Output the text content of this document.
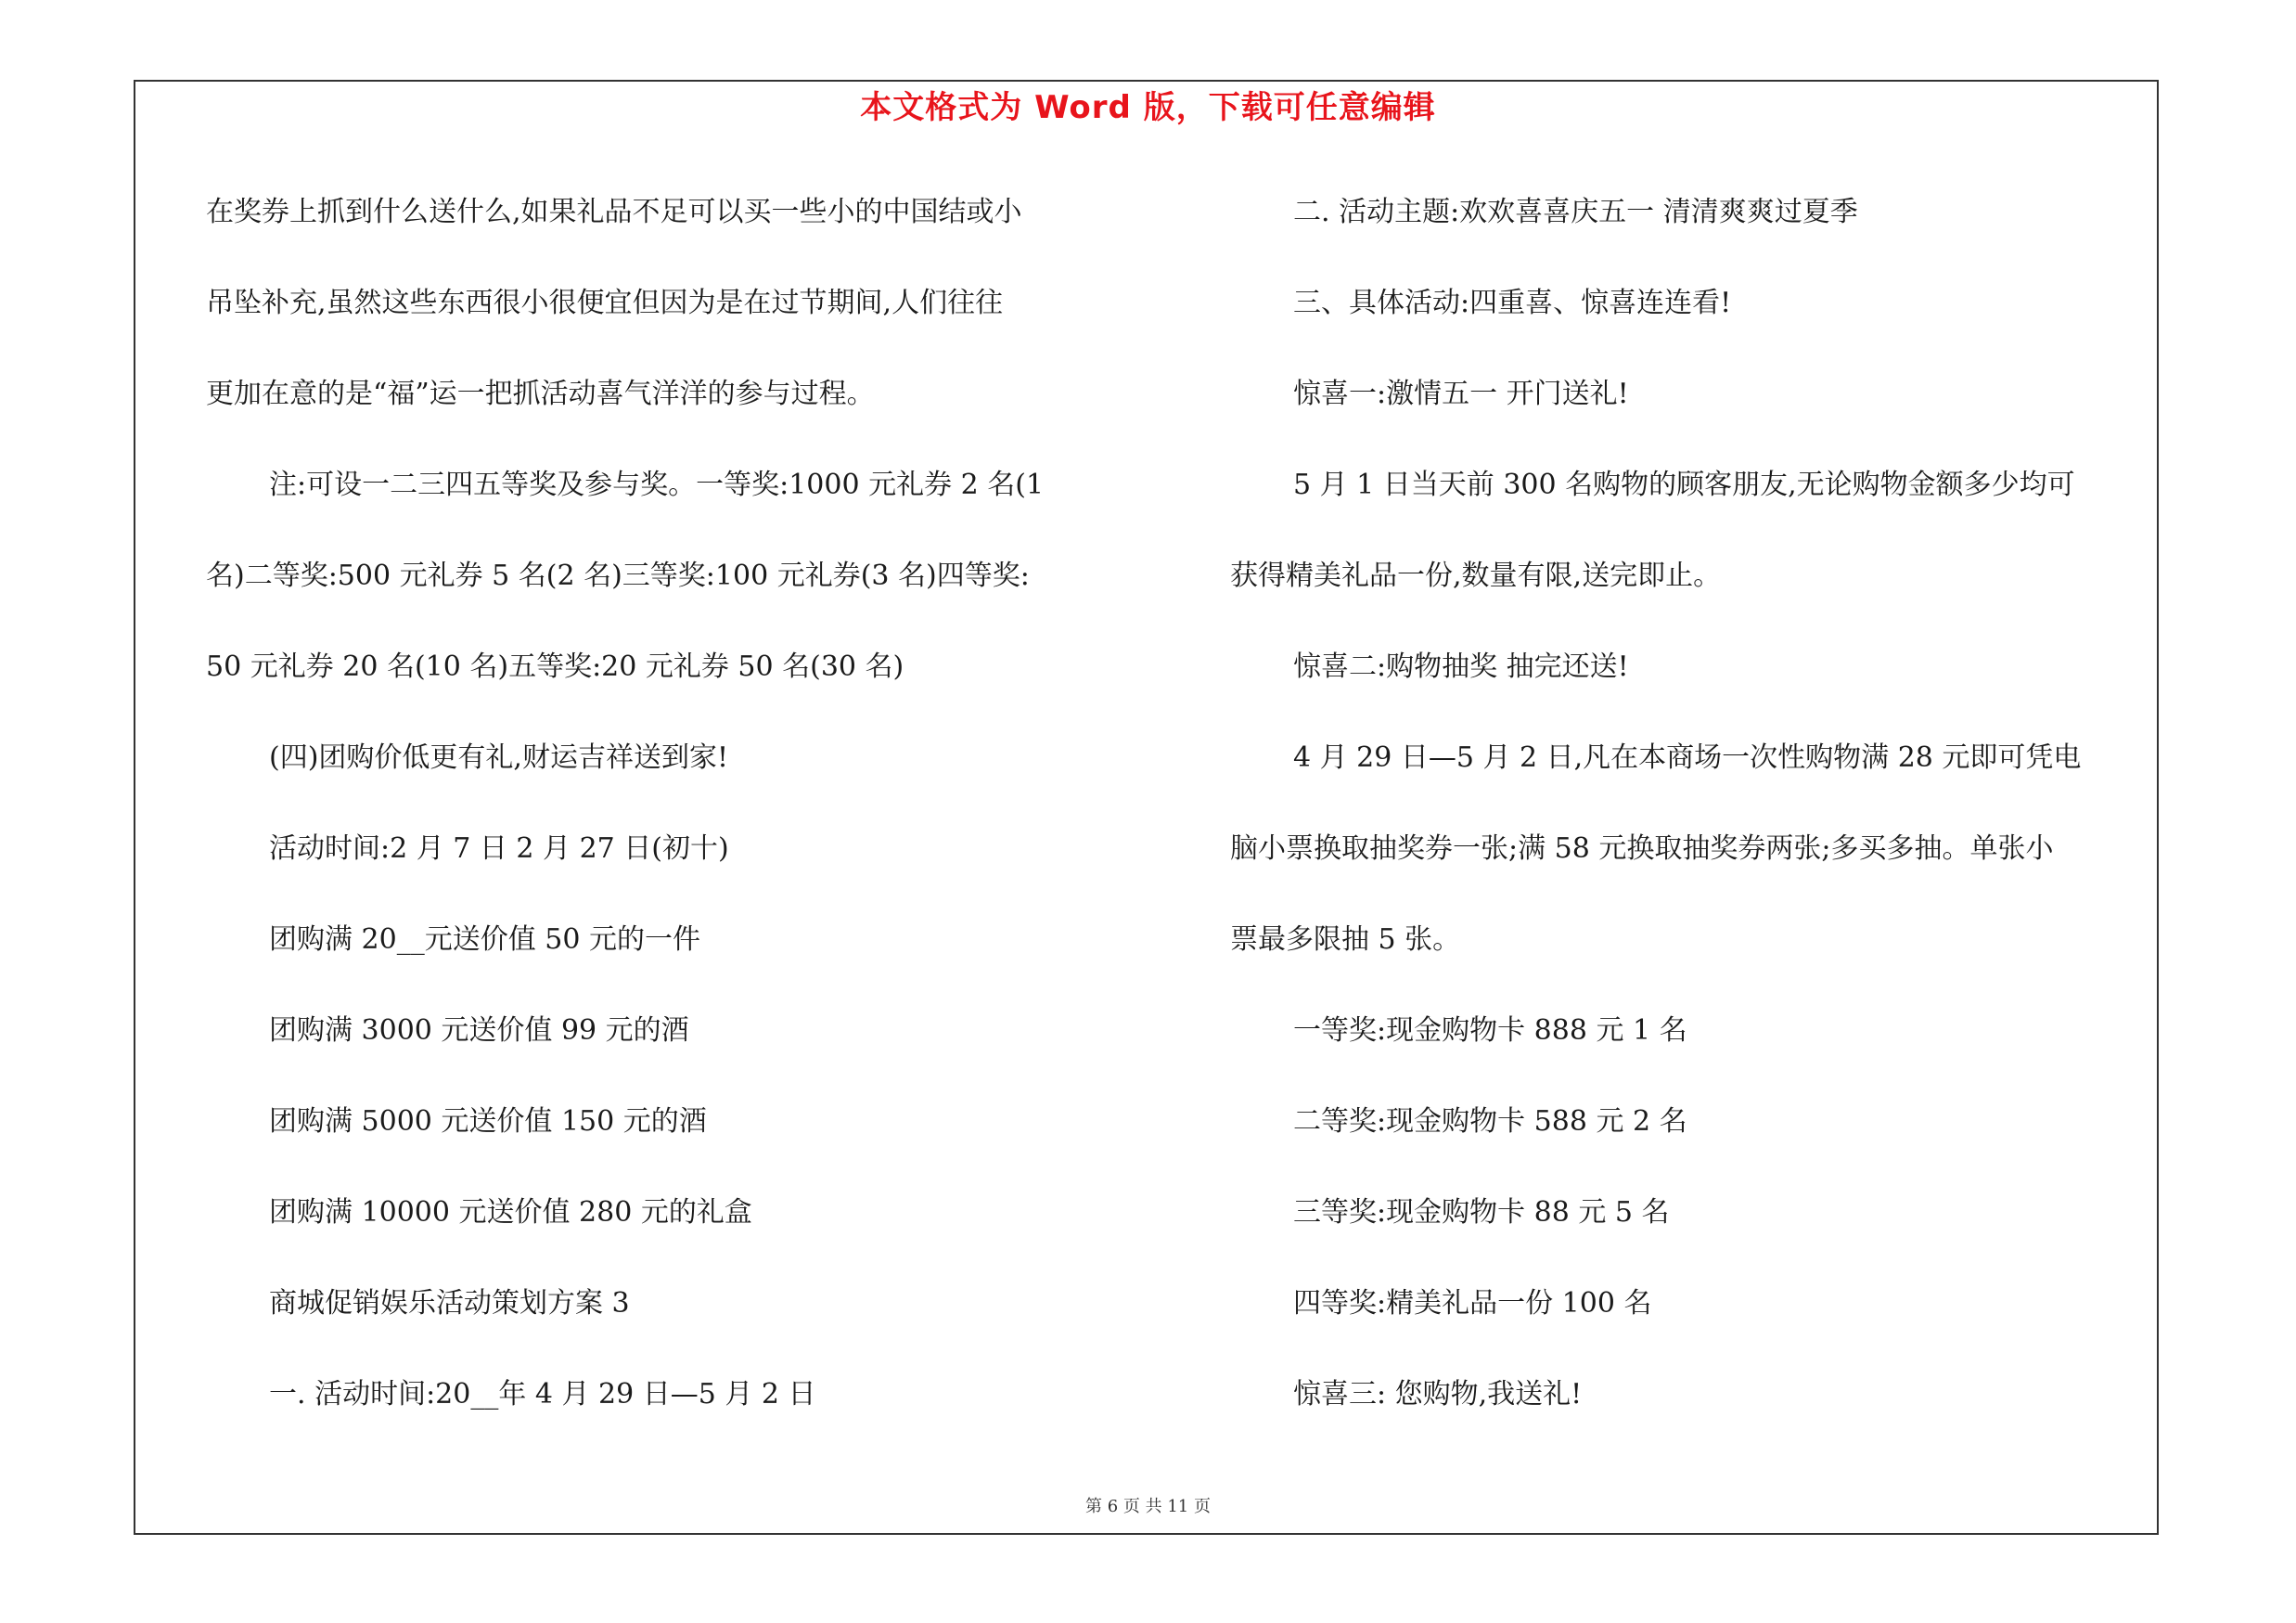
本文格式为 Word 版，下载可任意编辑
在奖券上抓到什么送什么,如果礼品不足可以买一些小的中国结或小
吊坠补充,虽然这些东西很小很便宜但因为是在过节期间,人们往往
更加在意的是“福”运一把抓活动喜气洋洋的参与过程。
注:可设一二三四五等奖及参与奖。一等奖:1000 元礼券 2 名(1
名)二等奖:500 元礼券 5 名(2 名)三等奖:100 元礼券(3 名)四等奖:
50 元礼券 20 名(10 名)五等奖:20 元礼券 50 名(30 名)
(四)团购价低更有礼,财运吉祥送到家!
活动时间:2 月 7 日 2 月 27 日(初十)
团购满 20__元送价值 50 元的一件
团购满 3000 元送价值 99 元的酒
团购满 5000 元送价值 150 元的酒
团购满 10000 元送价值 280 元的礼盒
商城促销娱乐活动策划方案 3
一. 活动时间:20__年 4 月 29 日—5 月 2 日
二. 活动主题:欢欢喜喜庆五一 清清爽爽过夏季
三、具体活动:四重喜、惊喜连连看!
惊喜一:激情五一 开门送礼!
5 月 1 日当天前 300 名购物的顾客朋友,无论购物金额多少均可
获得精美礼品一份,数量有限,送完即止。
惊喜二:购物抽奖 抽完还送!
4 月 29 日—5 月 2 日,凡在本商场一次性购物满 28 元即可凭电
脑小票换取抽奖券一张;满 58 元换取抽奖券两张;多买多抽。单张小
票最多限抽 5 张。
一等奖:现金购物卡 888 元 1 名
二等奖:现金购物卡 588 元 2 名
三等奖:现金购物卡 88 元 5 名
四等奖:精美礼品一份 100 名
惊喜三: 您购物,我送礼!
第 6 页 共 11 页
